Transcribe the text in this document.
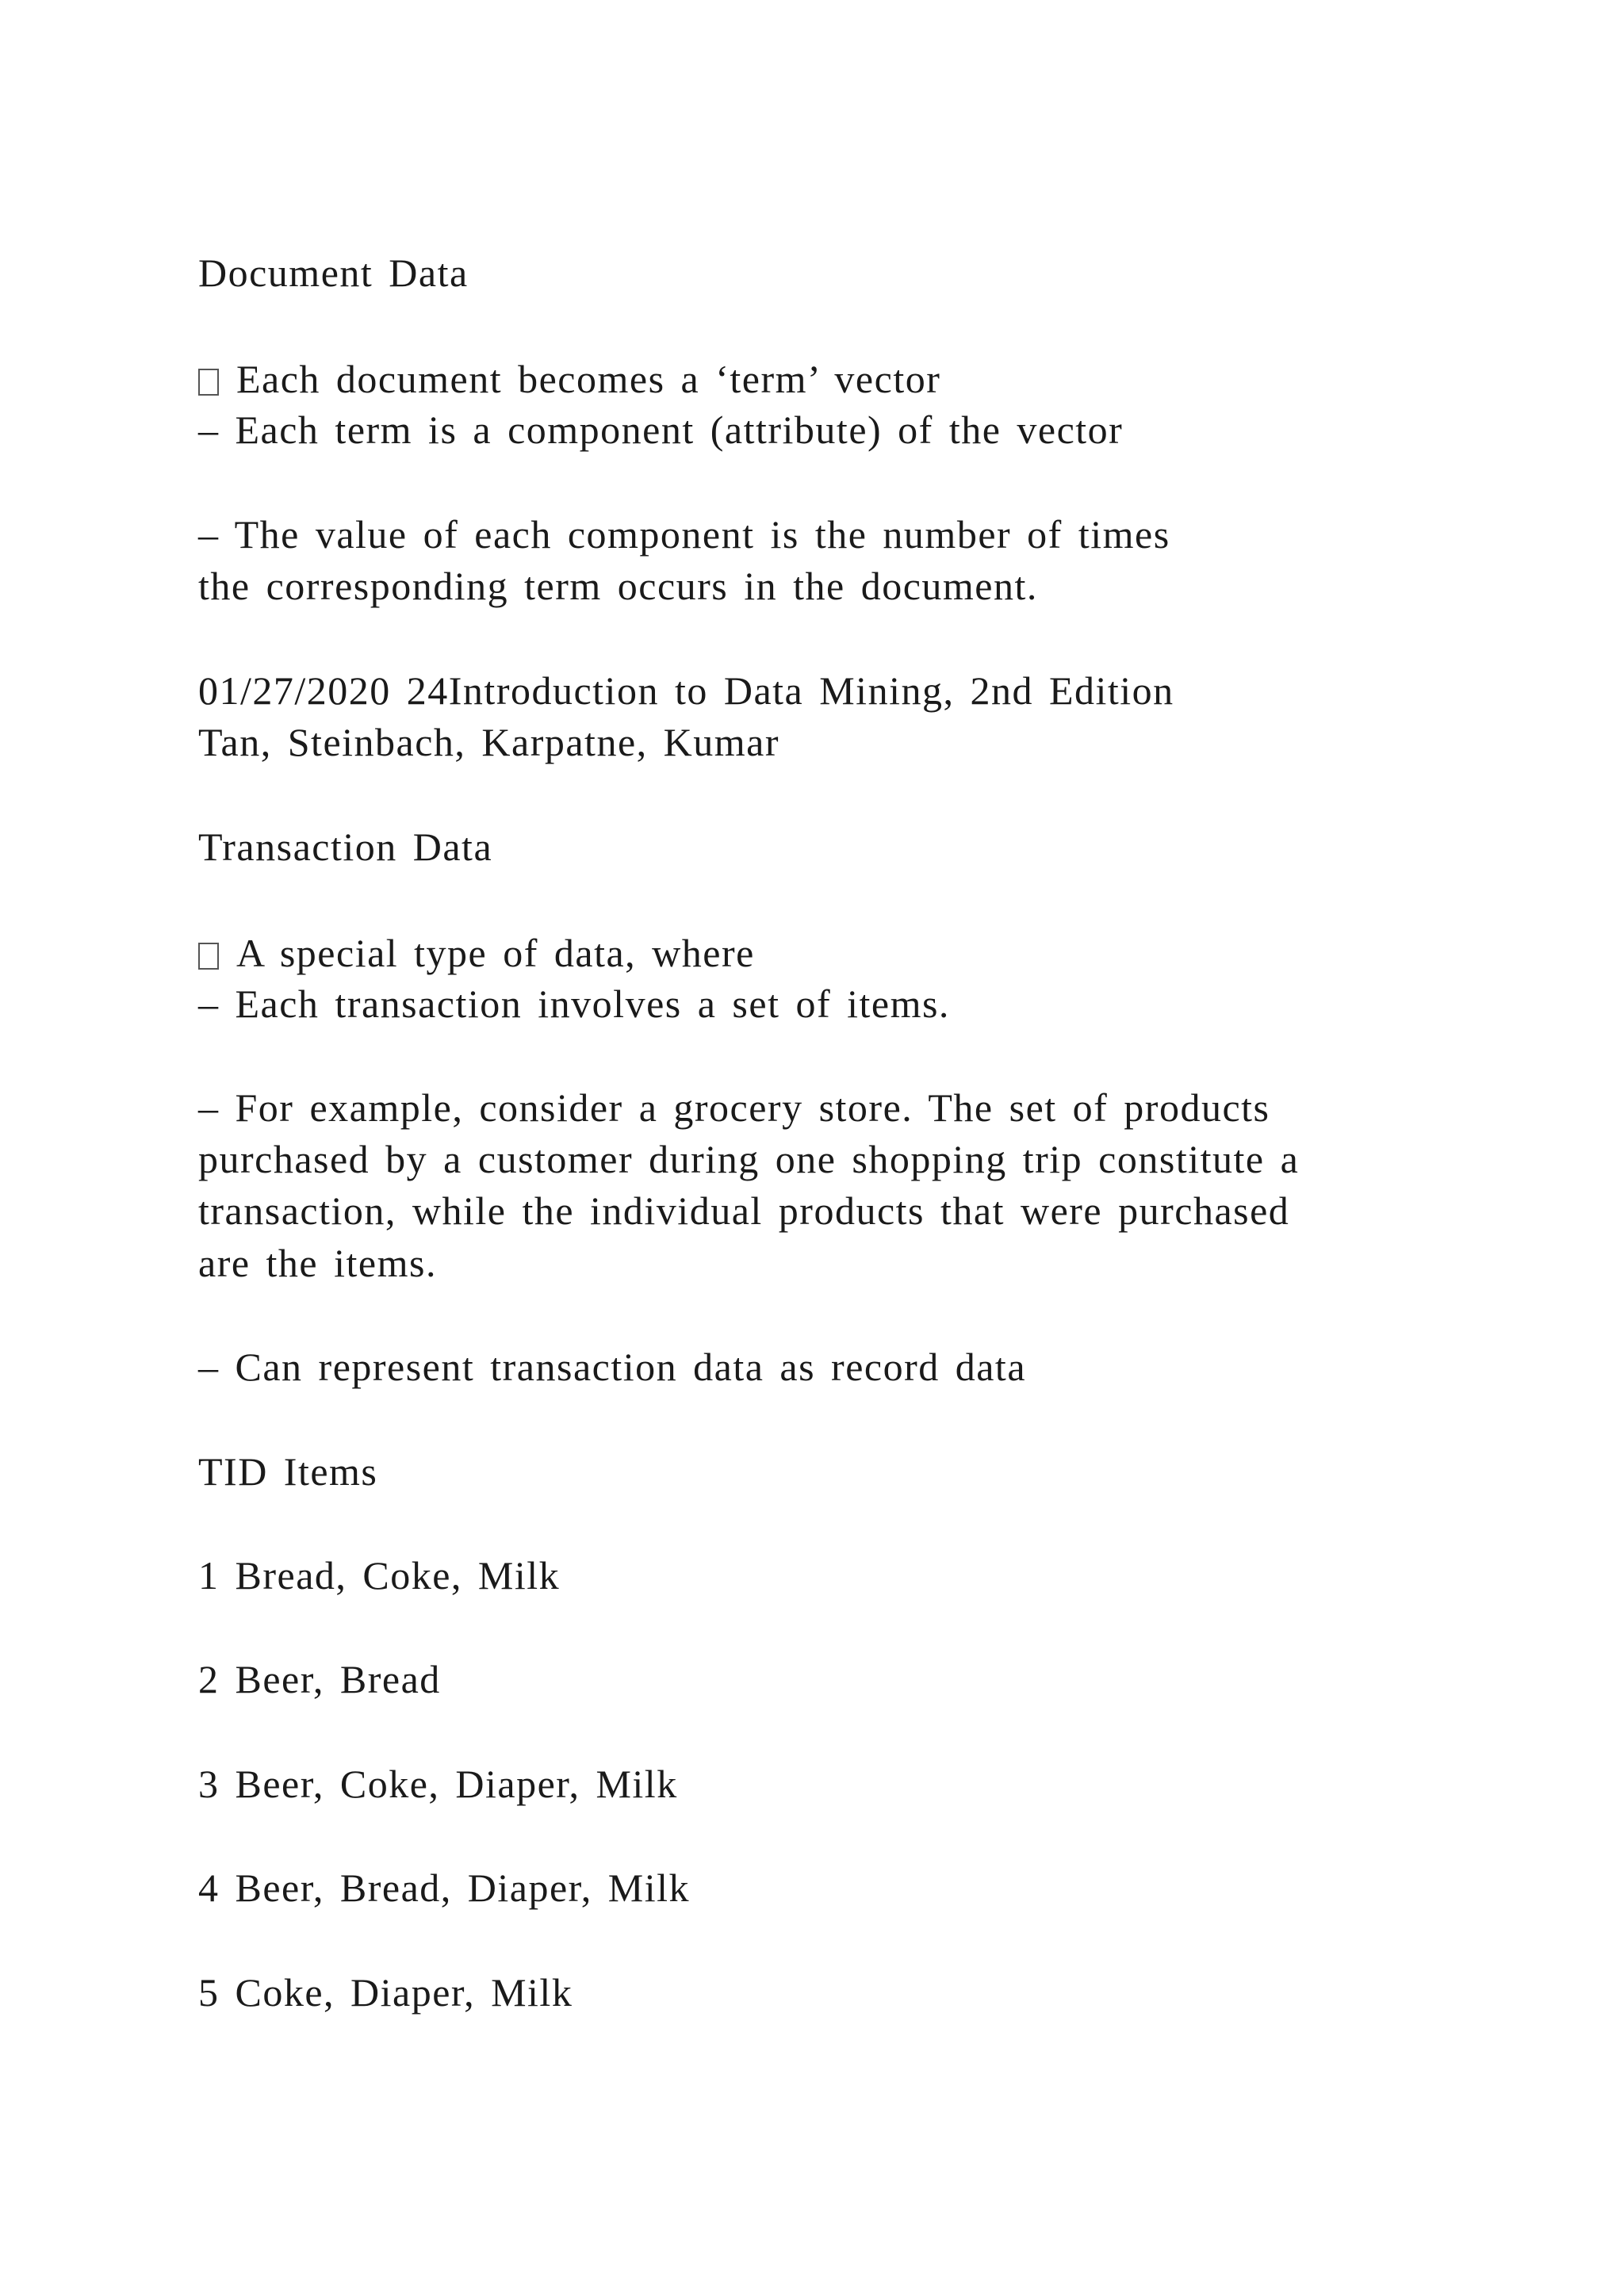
Document Data

Each document becomes a ‘term’ vector

– Each term is a component (attribute) of the vector

– The value of each component is the number of times

the corresponding term occurs in the document.

01/27/2020 24Introduction to Data Mining, 2nd Edition

Tan, Steinbach, Karpatne, Kumar

Transaction Data

A special type of data, where

– Each transaction involves a set of items.

– For example, consider a grocery store. The set of products

purchased by a customer during one shopping trip constitute a

transaction, while the individual products that were purchased

are the items.

– Can represent transaction data as record data

TID Items

1 Bread, Coke, Milk

2 Beer, Bread

3 Beer, Coke, Diaper, Milk

4 Beer, Bread, Diaper, Milk

5 Coke, Diaper, Milk
